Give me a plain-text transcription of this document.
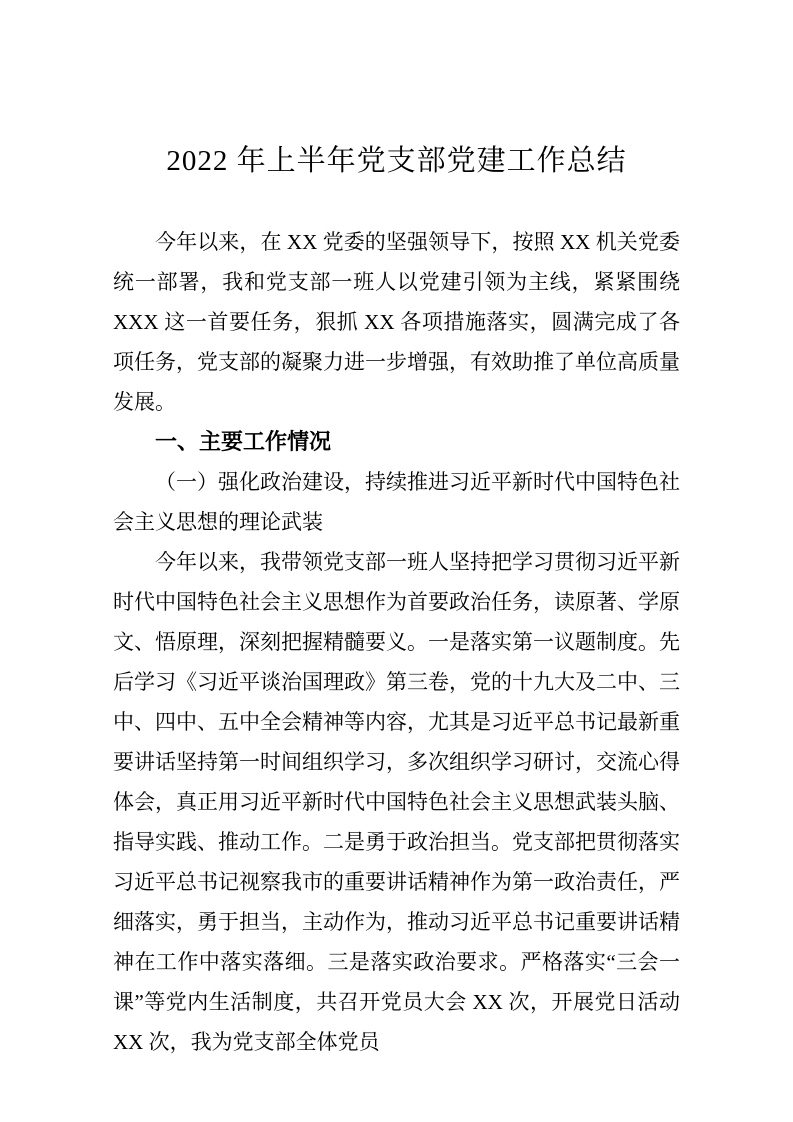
2022 年上半年党支部党建工作总结

今年以来，在 XX 党委的坚强领导下，按照 XX 机关党委统一部署，我和党支部一班人以党建引领为主线，紧紧围绕 XXX 这一首要任务，狠抓 XX 各项措施落实，圆满完成了各项任务，党支部的凝聚力进一步增强，有效助推了单位高质量发展。

一、主要工作情况
（一）强化政治建设，持续推进习近平新时代中国特色社会主义思想的理论武装

今年以来，我带领党支部一班人坚持把学习贯彻习近平新时代中国特色社会主义思想作为首要政治任务，读原著、学原文、悟原理，深刻把握精髓要义。一是落实第一议题制度。先后学习《习近平谈治国理政》第三卷，党的十九大及二中、三中、四中、五中全会精神等内容，尤其是习近平总书记最新重要讲话坚持第一时间组织学习，多次组织学习研讨，交流心得体会，真正用习近平新时代中国特色社会主义思想武装头脑、指导实践、推动工作。二是勇于政治担当。党支部把贯彻落实习近平总书记视察我市的重要讲话精神作为第一政治责任，严细落实，勇于担当，主动作为，推动习近平总书记重要讲话精神在工作中落实落细。三是落实政治要求。严格落实“三会一课”等党内生活制度，共召开党员大会 XX 次，开展党日活动 XX 次，我为党支部全体党员
